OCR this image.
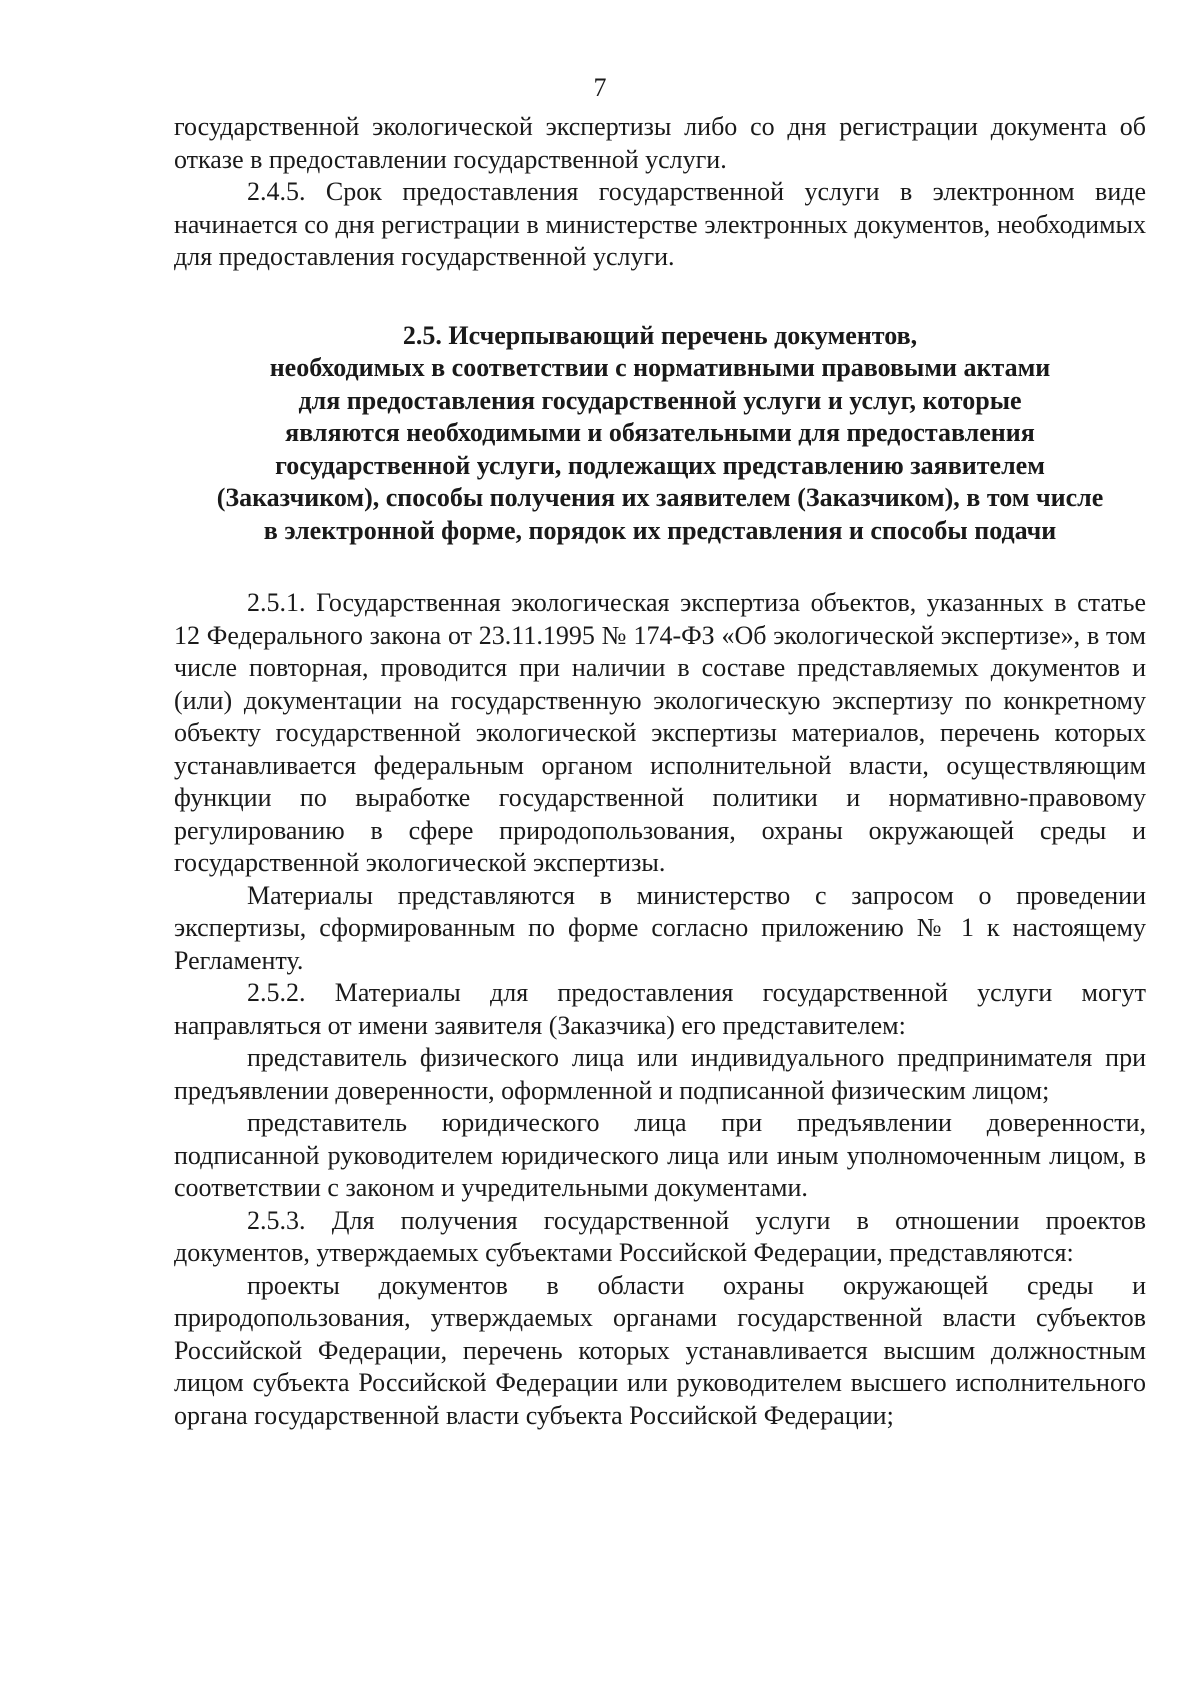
7

государственной экологической экспертизы либо со дня регистрации документа об отказе в предоставлении государственной услуги.

2.4.5. Срок предоставления государственной услуги в электронном виде начинается со дня регистрации в министерстве электронных документов, необходимых для предоставления государственной услуги.

2.5. Исчерпывающий перечень документов,
необходимых в соответствии с нормативными правовыми актами
для предоставления государственной услуги и услуг, которые
являются необходимыми и обязательными для предоставления
государственной услуги, подлежащих представлению заявителем
(Заказчиком), способы получения их заявителем (Заказчиком), в том числе
в электронной форме, порядок их представления и способы подачи

2.5.1. Государственная экологическая экспертиза объектов, указанных в статье 12 Федерального закона от 23.11.1995 № 174-ФЗ «Об экологической экспертизе», в том числе повторная, проводится при наличии в составе представляемых документов и (или) документации на государственную экологическую экспертизу по конкретному объекту государственной экологической экспертизы материалов, перечень которых устанавливается федеральным органом исполнительной власти, осуществляющим функции по выработке государственной политики и нормативно-правовому регулированию в сфере природопользования, охраны окружающей среды и государственной экологической экспертизы.

Материалы представляются в министерство с запросом о проведении экспертизы, сформированным по форме согласно приложению № 1 к настоящему Регламенту.

2.5.2. Материалы для предоставления государственной услуги могут направляться от имени заявителя (Заказчика) его представителем:

представитель физического лица или индивидуального предпринимателя при предъявлении доверенности, оформленной и подписанной физическим лицом;

представитель юридического лица при предъявлении доверенности, подписанной руководителем юридического лица или иным уполномоченным лицом, в соответствии с законом и учредительными документами.

2.5.3. Для получения государственной услуги в отношении проектов документов, утверждаемых субъектами Российской Федерации, представляются:

проекты документов в области охраны окружающей среды и природопользования, утверждаемых органами государственной власти субъектов Российской Федерации, перечень которых устанавливается высшим должностным лицом субъекта Российской Федерации или руководителем высшего исполнительного органа государственной власти субъекта Российской Федерации;
